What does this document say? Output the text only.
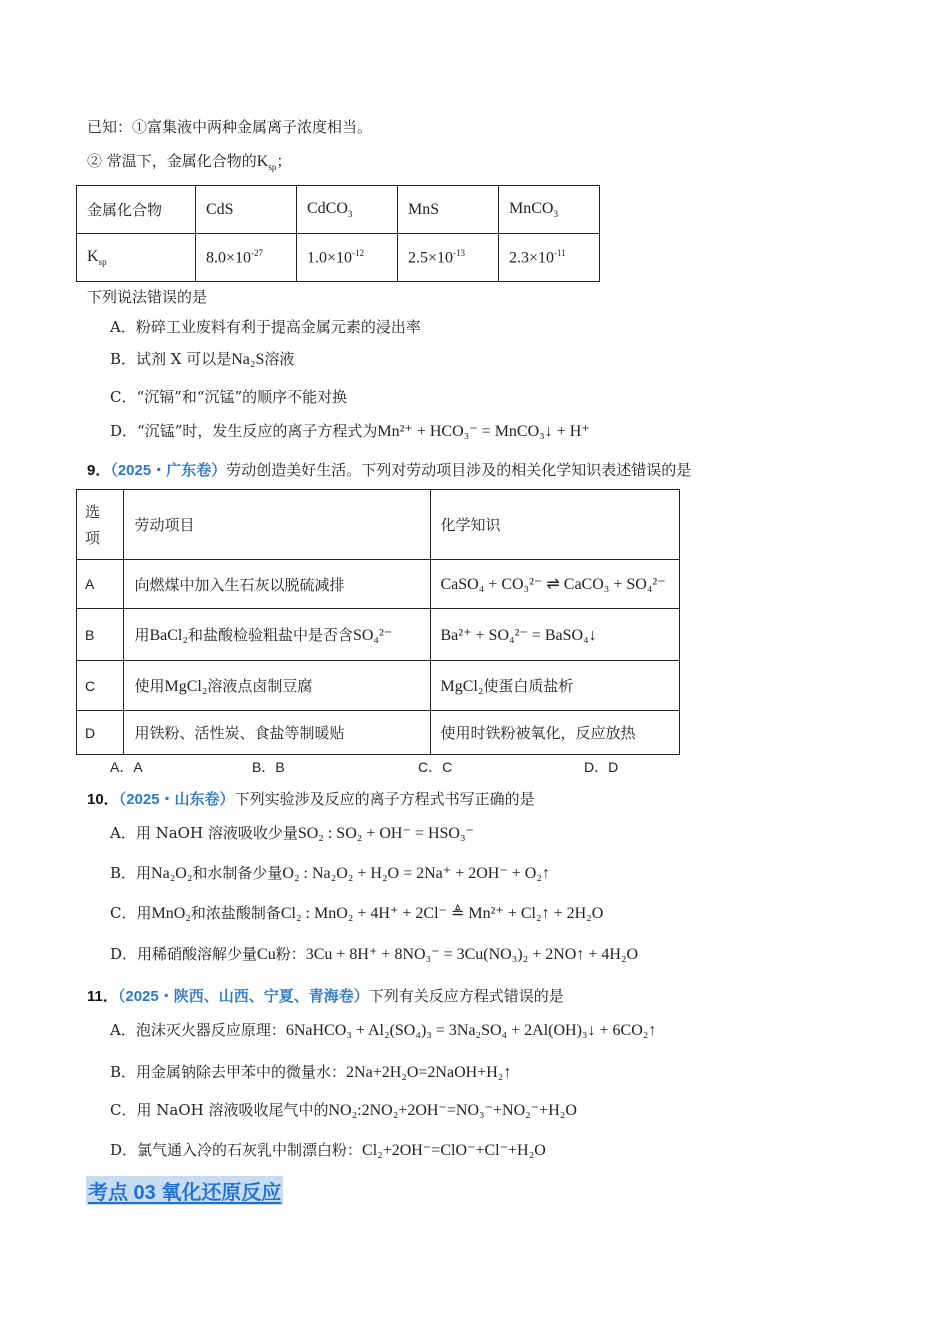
已知：①富集液中两种金属离子浓度相当。
② 常温下，金属化合物的$K_{sp}$；
金属化合物	CdS	CdCO$_3$	MnS	MnCO$_3$
$K_{sp}$	$8.0\times 10^{-27}$	$1.0\times 10^{-12}$	$2.5\times 10^{-13}$	$2.3\times 10^{-11}$
下列说法错误的是
A．粉碎工业废料有利于提高金属元素的浸出率
B．试剂 X 可以是Na₂S溶液
C．“沉镉”和“沉锰”的顺序不能对换
D．“沉锰”时，发生反应的离子方程式为Mn²⁺ + HCO₃⁻ = MnCO₃↓ + H⁺
9．（2025・广东卷）劳动创造美好生活。下列对劳动项目涉及的相关化学知识表述错误的是
选项	劳动项目	化学知识
A	向燃煤中加入生石灰以脱硫减排	CaSO₄ + CO₃²⁻ ⇌ CaCO₃ + SO₄²⁻
B	用BaCl₂和盐酸检验粗盐中是否含SO₄²⁻	Ba²⁺ + SO₄²⁻ = BaSO₄↓
C	使用MgCl₂溶液点卤制豆腐	MgCl₂使蛋白质盐析
D	用铁粉、活性炭、食盐等制暖贴	使用时铁粉被氧化，反应放热
A．A	B．B	C．C	D．D
10．（2025・山东卷）下列实验涉及反应的离子方程式书写正确的是
A．用 NaOH 溶液吸收少量SO₂ : SO₂ + OH⁻ = HSO₃⁻
B．用Na₂O₂和水制备少量O₂ : Na₂O₂ + H₂O = 2Na⁺ + 2OH⁻ + O₂↑
C．用MnO₂和浓盐酸制备Cl₂ : MnO₂ + 4H⁺ + 2Cl⁻ ≜ Mn²⁺ + Cl₂↑ + 2H₂O
D．用稀硝酸溶解少量Cu粉：3Cu + 8H⁺ + 8NO₃⁻ = 3Cu(NO₃)₂ + 2NO↑ + 4H₂O
11．（2025・陕西、山西、宁夏、青海卷）下列有关反应方程式错误的是
A．泡沫灭火器反应原理：6NaHCO₃ + Al₂(SO₄)₃ = 3Na₂SO₄ + 2Al(OH)₃↓ + 6CO₂↑
B．用金属钠除去甲苯中的微量水：2Na+2H₂O=2NaOH+H₂↑
C．用 NaOH 溶液吸收尾气中的NO₂:2NO₂+2OH⁻=NO₃⁻+NO₂⁻+H₂O
D．氯气通入冷的石灰乳中制漂白粉：Cl₂+2OH⁻=ClO⁻+Cl⁻+H₂O
考点 03 氧化还原反应
